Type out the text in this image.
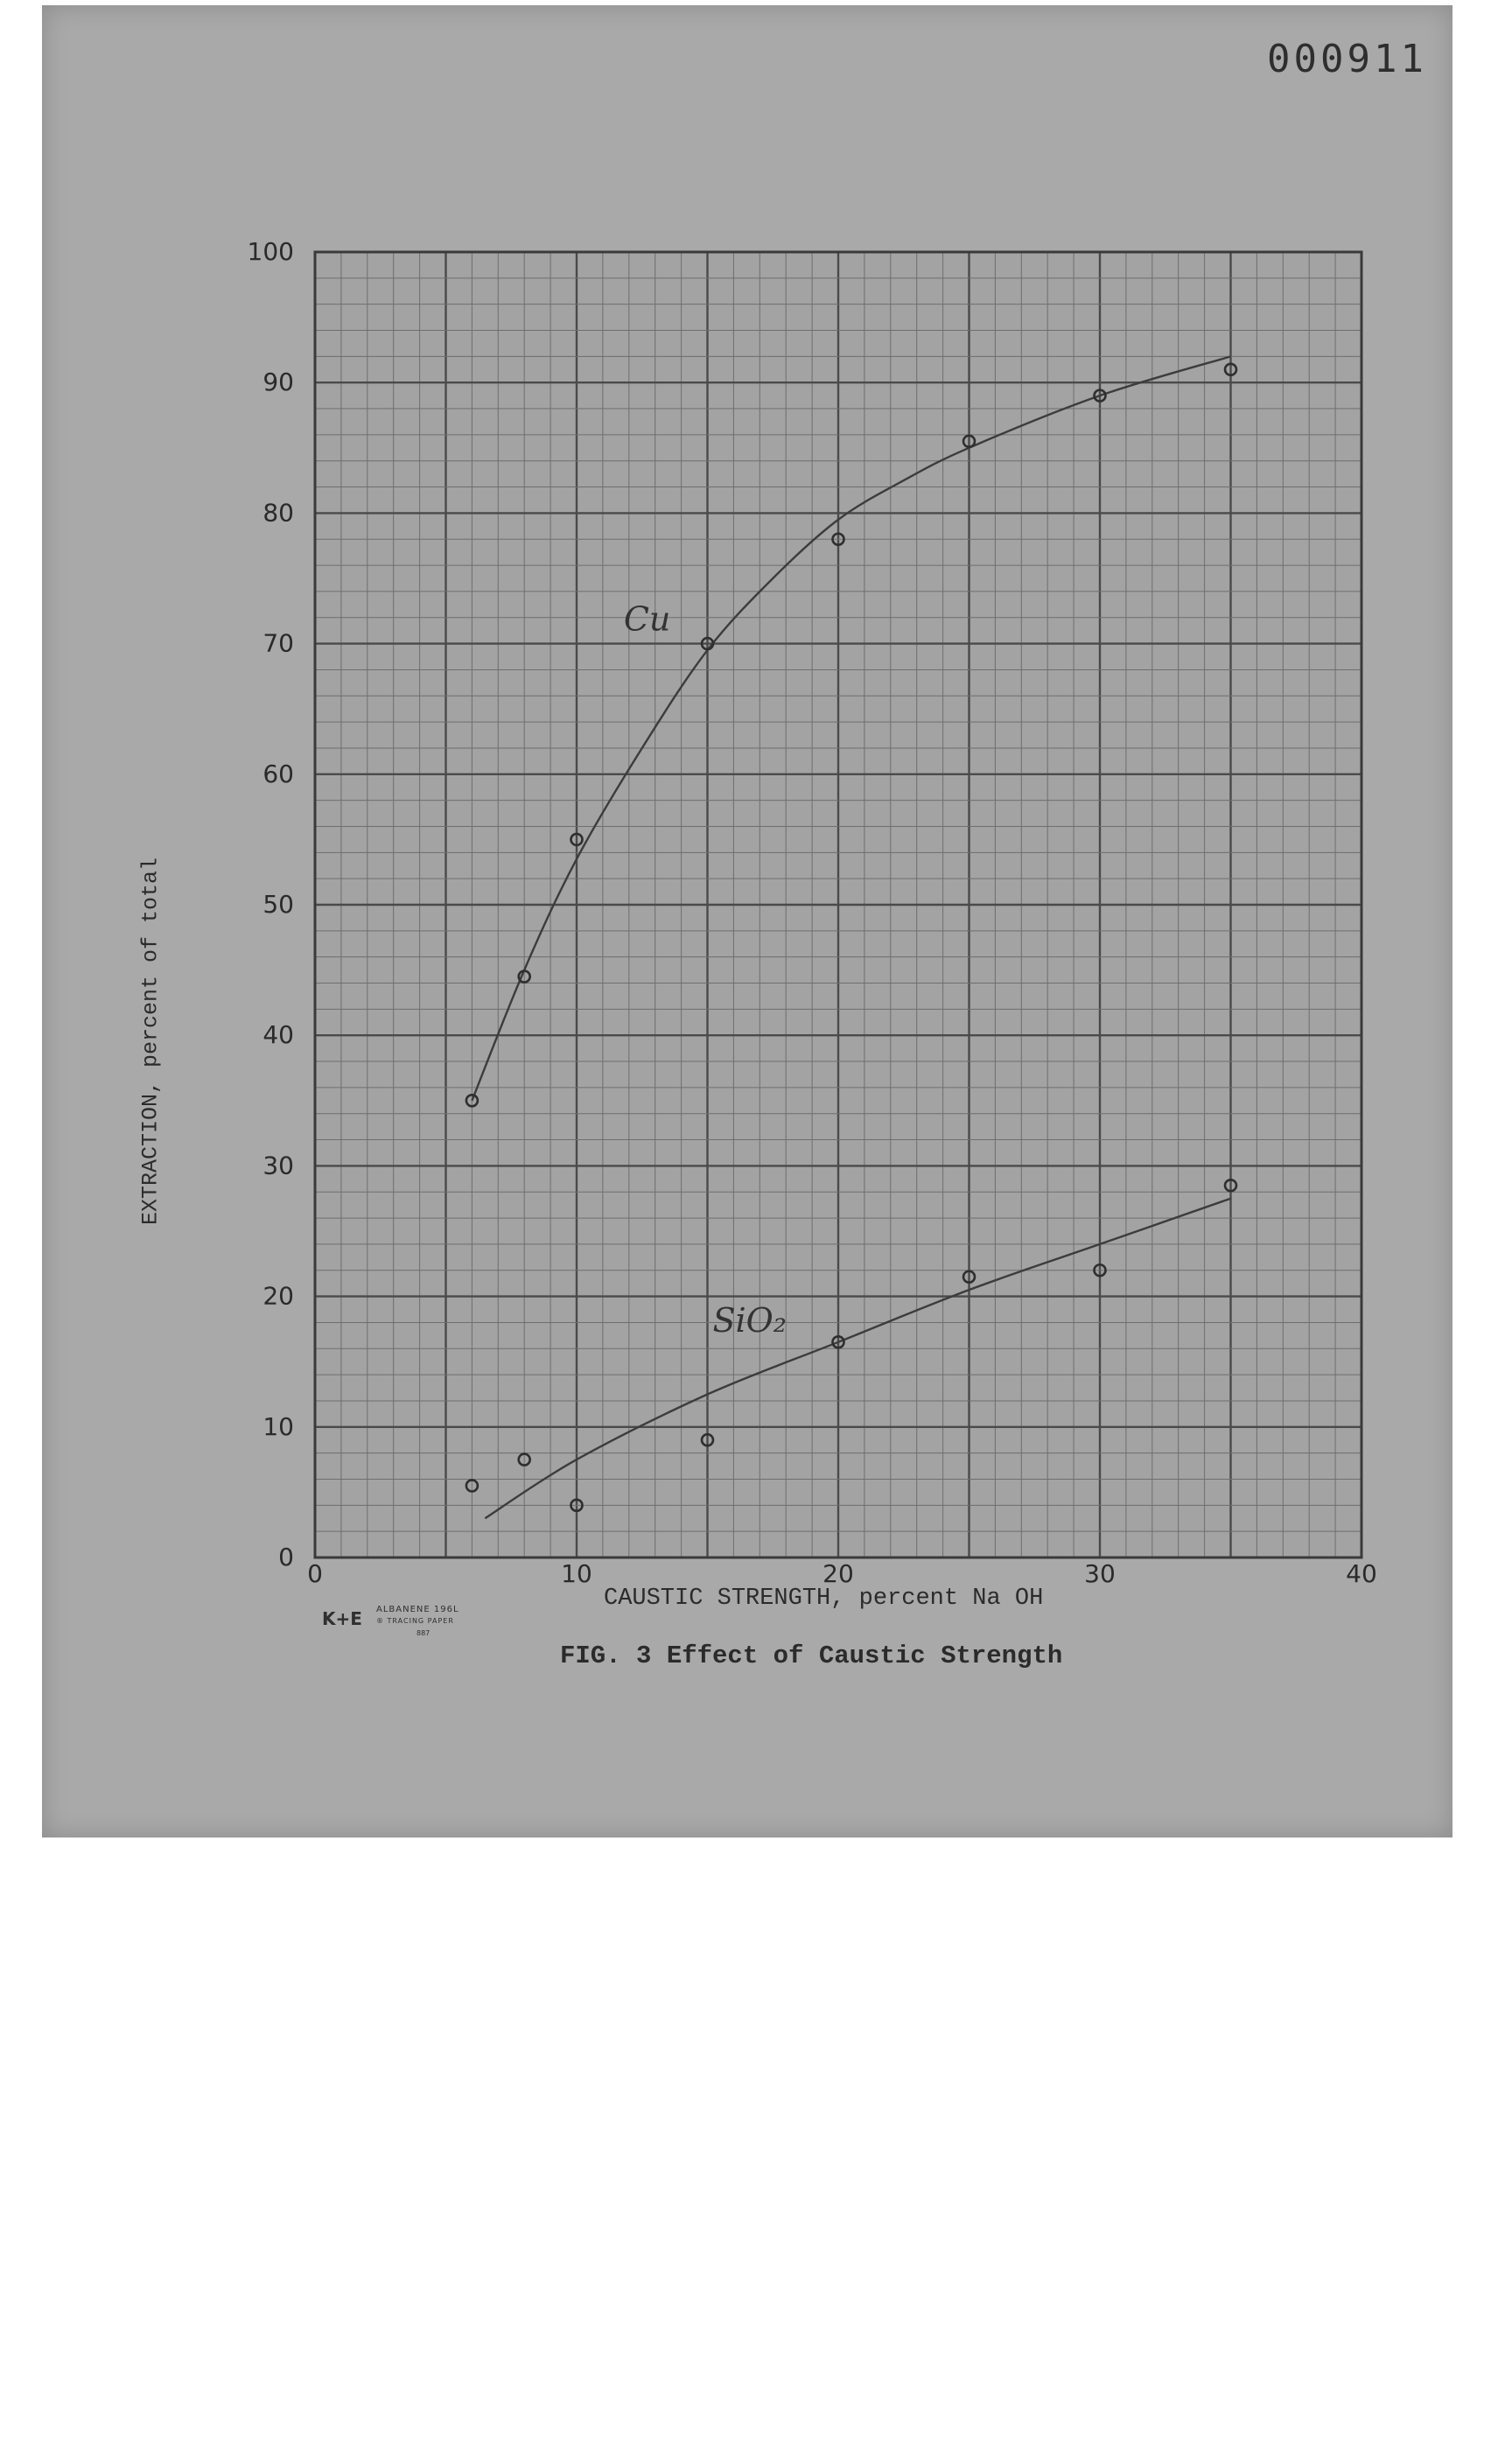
000911
0	10	20	30	40
0
10
20
30
40
50
60
70
80
90
100
Cu
SiO₂
EXTRACTION, percent of total
CAUSTIC STRENGTH, percent Na OH
FIG. 3 Effect of Caustic Strength
K+E ALBANENE 196L
® TRACING PAPER
887
